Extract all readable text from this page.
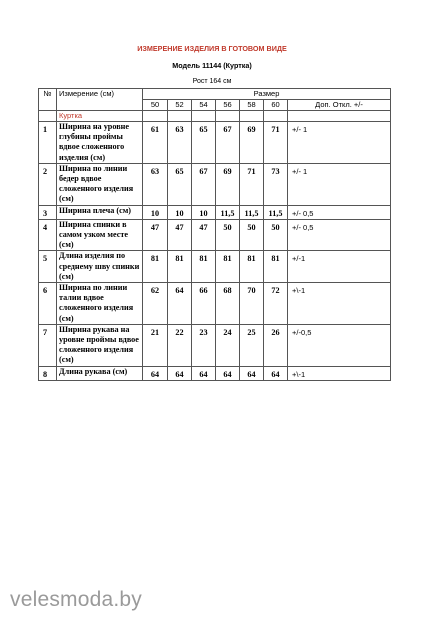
ИЗМЕРЕНИЕ ИЗДЕЛИЯ В ГОТОВОМ ВИДЕ
Модель 11144 (Куртка)
Рост 164 см
№	Измерение (см)	Размер						
		50	52	54	56	58	60	Доп. Откл. +/-
	Куртка							
1	Ширина на уровне глубины проймы вдвое сложенного изделия (см)	61	63	65	67	69	71	+/- 1
2	Ширина по линии бедер вдвое сложенного изделия (см)	63	65	67	69	71	73	+/- 1
3	Ширина плеча (см)	10	10	10	11,5	11,5	11,5	+/- 0,5
4	Ширина спинки в самом узком месте (см)	47	47	47	50	50	50	+/- 0,5
5	Длина изделия по среднему шву спинки (см)	81	81	81	81	81	81	+/-1
6	Ширина по линии талии вдвое сложенного изделия (см)	62	64	66	68	70	72	+\-1
7	Ширина рукава на уровне проймы вдвое сложенного изделия (см)	21	22	23	24	25	26	+/-0,5
8	Длина рукава (см)	64	64	64	64	64	64	+\-1
velesmoda.by
